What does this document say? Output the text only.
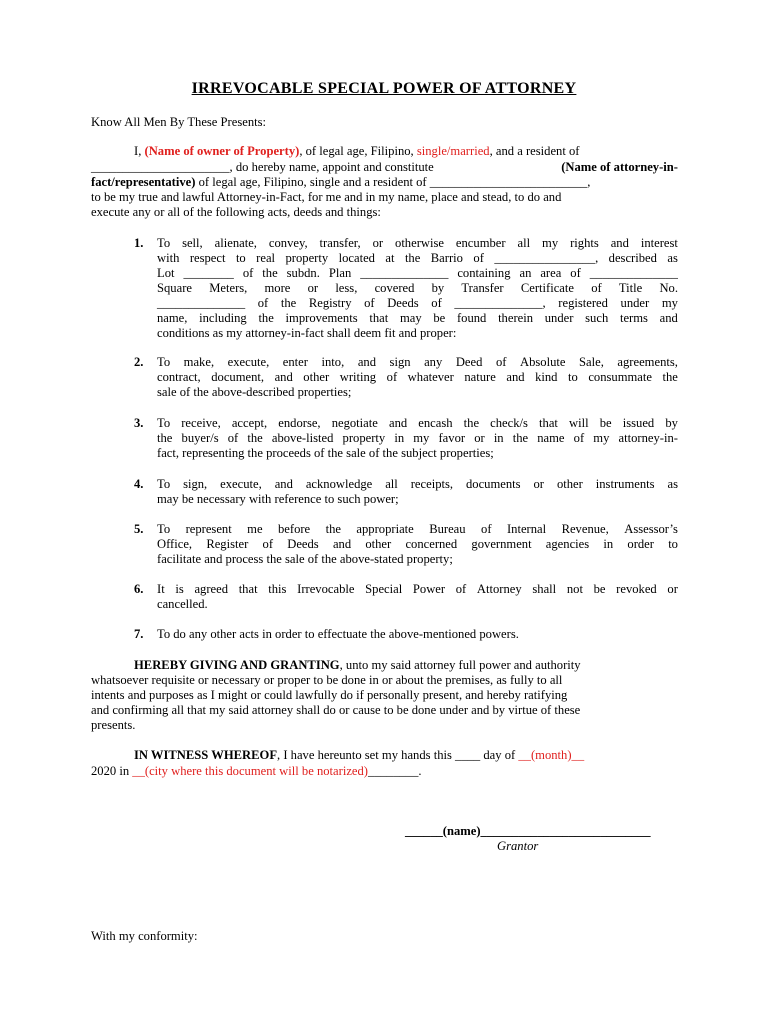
IRREVOCABLE SPECIAL POWER OF ATTORNEY
Know All Men By These Presents:
I, (Name of owner of Property), of legal age, Filipino, single/married, and a resident of
______________________, do hereby name, appoint and constitute	(Name of attorney-in-
fact/representative) of legal age, Filipino, single and a resident of _________________________,
to be my true and lawful Attorney-in-Fact, for me and in my name, place and stead, to do and
execute any or all of the following acts, deeds and things:
1. To sell, alienate, convey, transfer, or otherwise encumber all my rights and interest
with respect to real property located at the Barrio of ________________, described as
Lot ________ of the subdn. Plan ______________ containing an area of ______________
Square Meters, more or less, covered by Transfer Certificate of Title No.
______________ of the Registry of Deeds of ______________, registered under my
name, including the improvements that may be found therein under such terms and
conditions as my attorney-in-fact shall deem fit and proper:
2. To make, execute, enter into, and sign any Deed of Absolute Sale, agreements,
contract, document, and other writing of whatever nature and kind to consummate the
sale of the above-described properties;
3. To receive, accept, endorse, negotiate and encash the check/s that will be issued by
the buyer/s of the above-listed property in my favor or in the name of my attorney-in-
fact, representing the proceeds of the sale of the subject properties;
4. To sign, execute, and acknowledge all receipts, documents or other instruments as
may be necessary with reference to such power;
5. To represent me before the appropriate Bureau of Internal Revenue, Assessor’s
Office, Register of Deeds and other concerned government agencies in order to
facilitate and process the sale of the above-stated property;
6. It is agreed that this Irrevocable Special Power of Attorney shall not be revoked or
cancelled.
7. To do any other acts in order to effectuate the above-mentioned powers.
HEREBY GIVING AND GRANTING, unto my said attorney full power and authority
whatsoever requisite or necessary or proper to be done in or about the premises, as fully to all
intents and purposes as I might or could lawfully do if personally present, and hereby ratifying
and confirming all that my said attorney shall do or cause to be done under and by virtue of these
presents.
IN WITNESS WHEREOF, I have hereunto set my hands this ____ day of __(month)__
2020 in __(city where this document will be notarized)________.
______(name)___________________________
Grantor
With my conformity:
